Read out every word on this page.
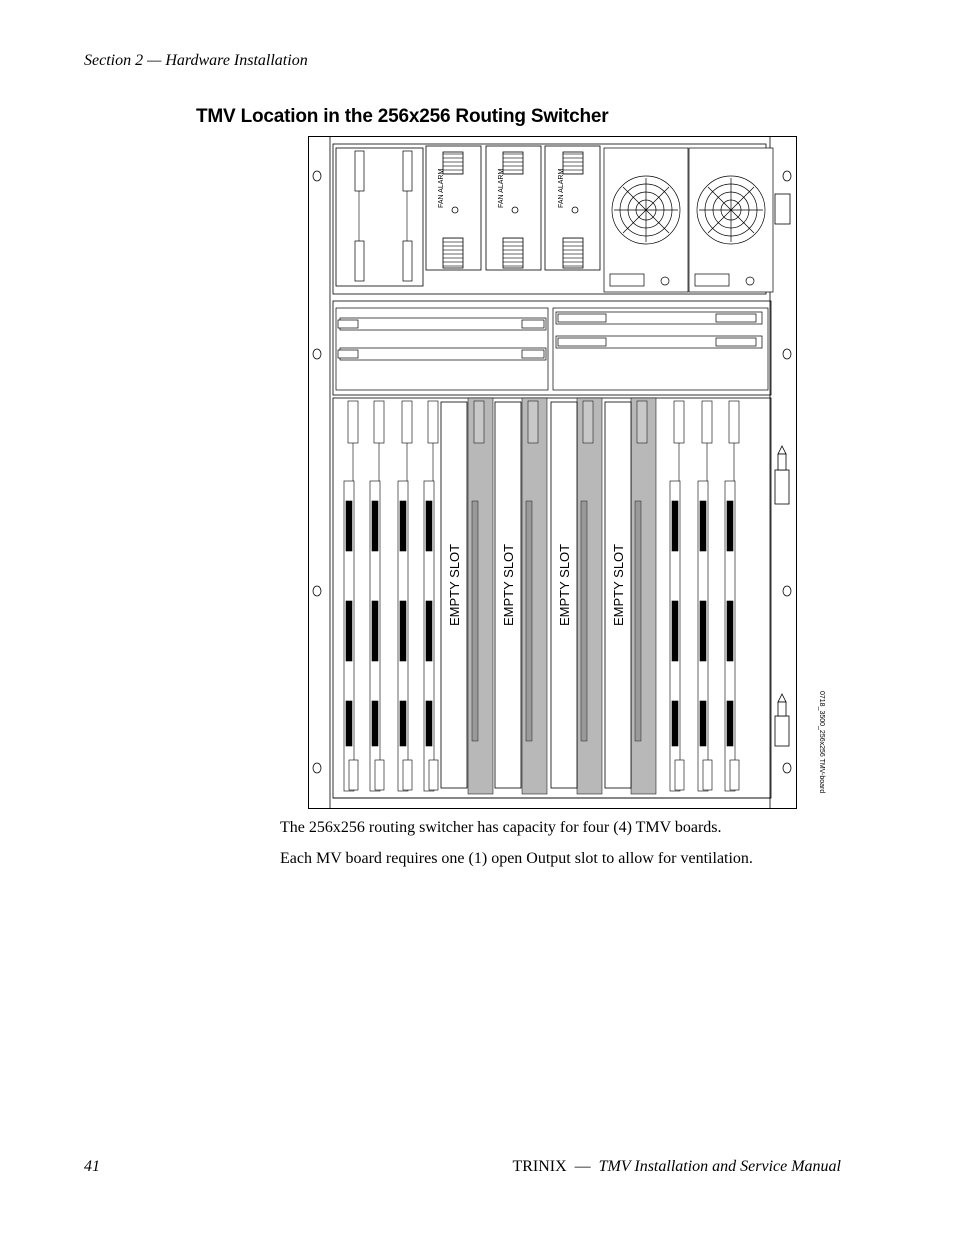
Section 2 — Hardware Installation
TMV Location in the 256x256 Routing Switcher
FAN ALARM	FAN ALARM	FAN ALARM
EMPTY SLOT	EMPTY SLOT	EMPTY SLOT	EMPTY SLOT
0718_3500_256x256 TMV-board

The 256x256 routing switcher has capacity for four (4) TMV boards.

Each MV board requires one (1) open Output slot to allow for ventilation.

41	TRINIX — TMV Installation and Service Manual
